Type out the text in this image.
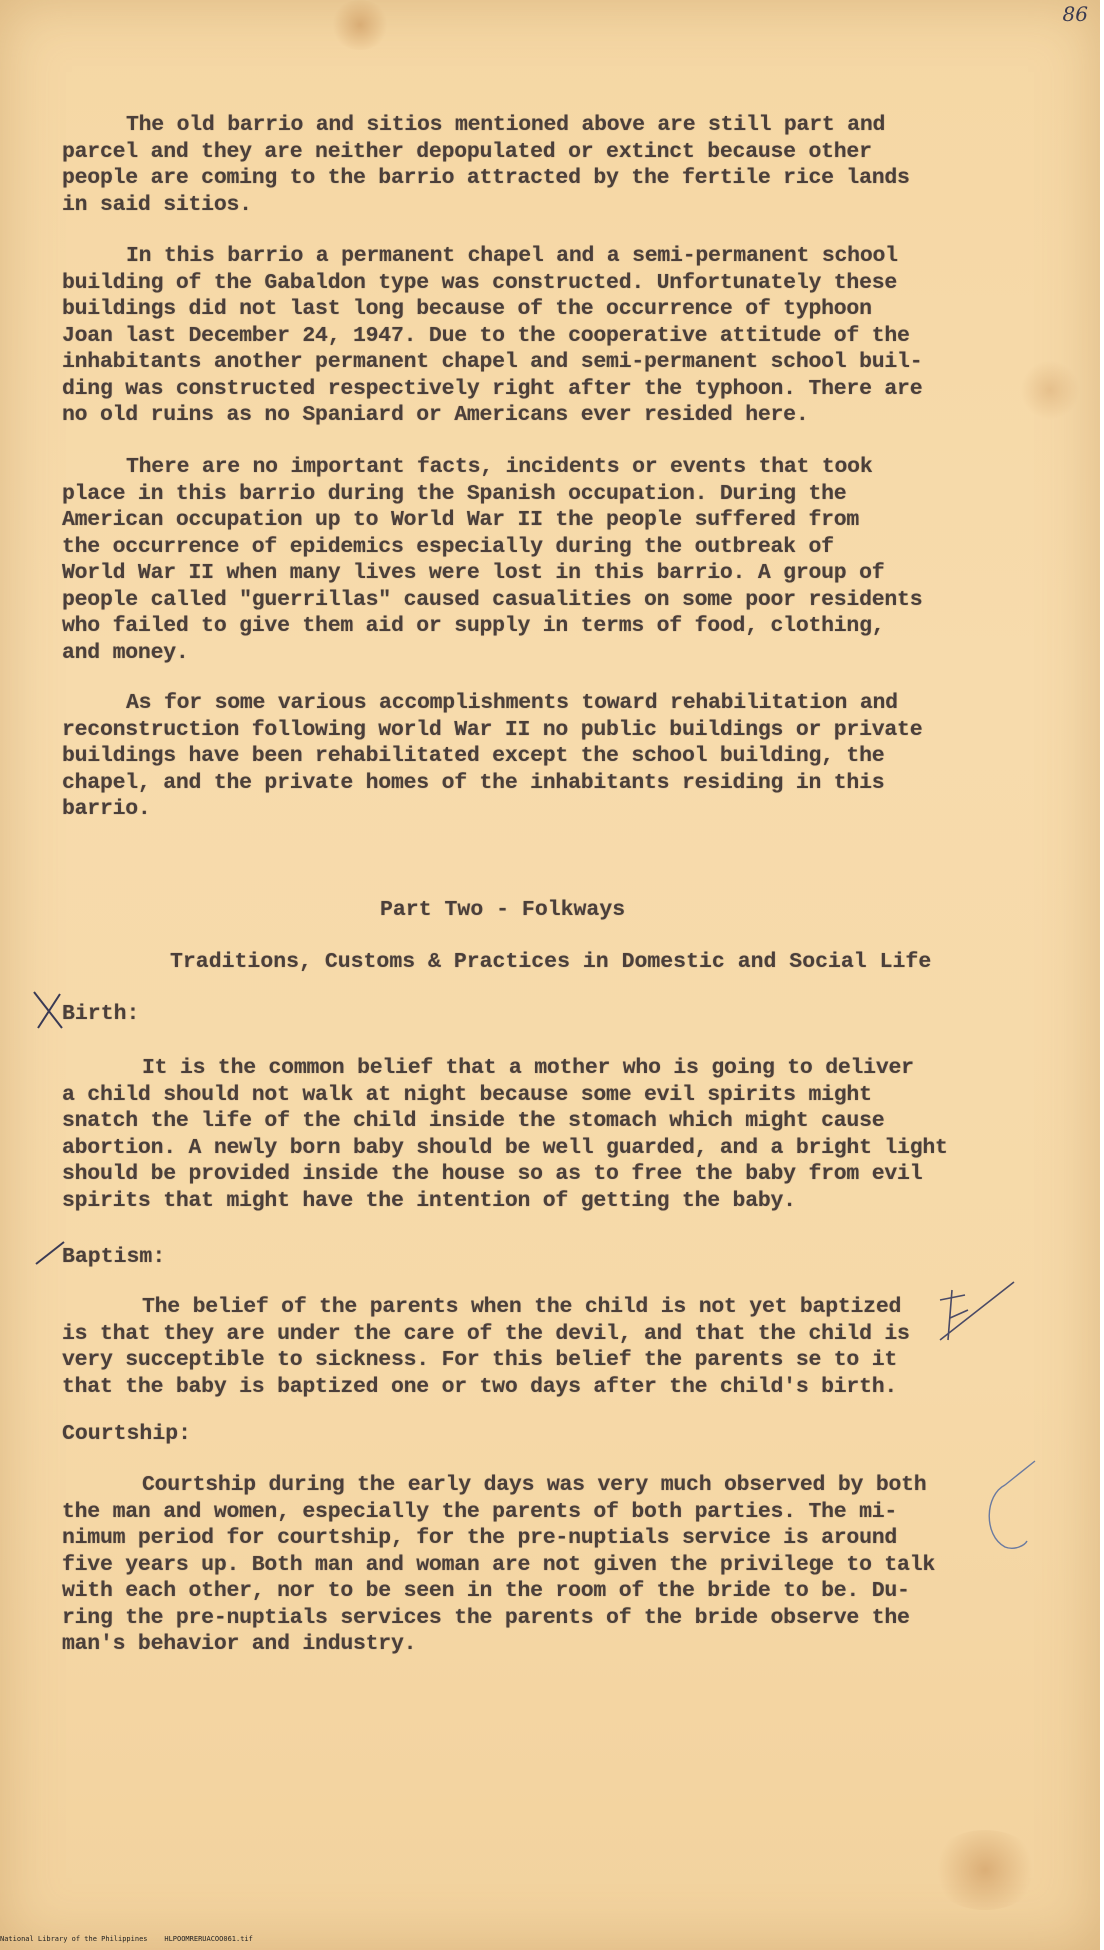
86
The old barrio and sitios mentioned above are still part and
parcel and they are neither depopulated or extinct because other
people are coming to the barrio attracted by the fertile rice lands
in said sitios.
In this barrio a permanent chapel and a semi-permanent school
building of the Gabaldon type was constructed. Unfortunately these
buildings did not last long because of the occurrence of typhoon
Joan last December 24, 1947. Due to the cooperative attitude of the
inhabitants another permanent chapel and semi-permanent school buil-
ding was constructed respectively right after the typhoon. There are
no old ruins as no Spaniard or Americans ever resided here.
There are no important facts, incidents or events that took
place in this barrio during the Spanish occupation. During the
American occupation up to World War II the people suffered from
the occurrence of epidemics especially during the outbreak of
World War II when many lives were lost in this barrio. A group of
people called "guerrillas" caused casualities on some poor residents
who failed to give them aid or supply in terms of food, clothing,
and money.
As for some various accomplishments toward rehabilitation and
reconstruction following world War II no public buildings or private
buildings have been rehabilitated except the school building, the
chapel, and the private homes of the inhabitants residing in this
barrio.
Part Two - Folkways
Traditions, Customs & Practices in Domestic and Social Life
Birth:
It is the common belief that a mother who is going to deliver
a child should not walk at night because some evil spirits might
snatch the life of the child inside the stomach which might cause
abortion. A newly born baby should be well guarded, and a bright light
should be provided inside the house so as to free the baby from evil
spirits that might have the intention of getting the baby.
Baptism:
The belief of the parents when the child is not yet baptized
is that they are under the care of the devil, and that the child is
very succeptible to sickness. For this belief the parents se to it
that the baby is baptized one or two days after the child's birth.
Courtship:
Courtship during the early days was very much observed by both
the man and women, especially the parents of both parties. The mi-
nimum period for courtship, for the pre-nuptials service is around
five years up. Both man and woman are not given the privilege to talk
with each other, nor to be seen in the room of the bride to be. Du-
ring the pre-nuptials services the parents of the bride observe the
man's behavior and industry.
National Library of the Philippines    HLPOOMRERUACOO061.tif
